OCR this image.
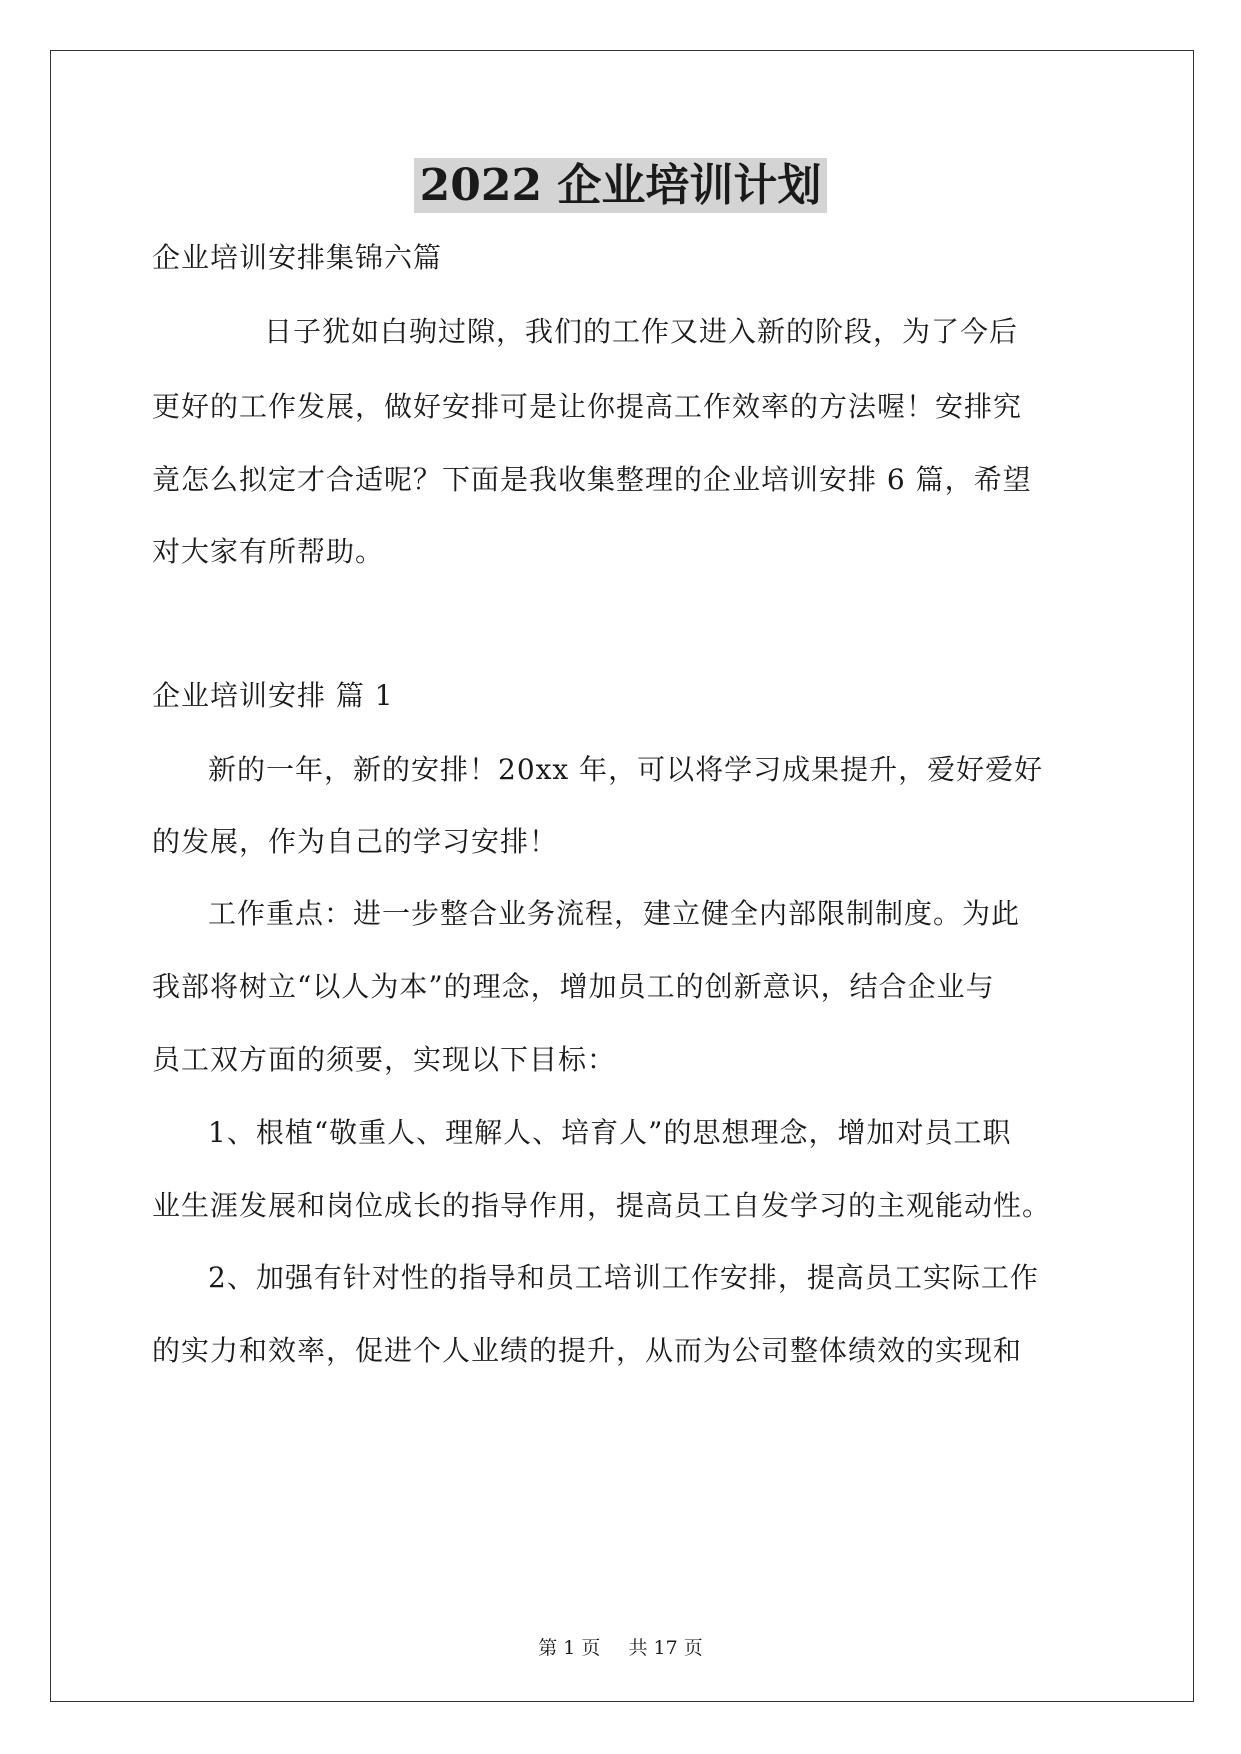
2022 企业培训计划
企业培训安排集锦六篇
日子犹如白驹过隙，我们的工作又进入新的阶段，为了今后
更好的工作发展，做好安排可是让你提高工作效率的方法喔！安排究
竟怎么拟定才合适呢？下面是我收集整理的企业培训安排 6 篇，希望
对大家有所帮助。
企业培训安排 篇 1
新的一年，新的安排！20xx 年，可以将学习成果提升，爱好爱好
的发展，作为自己的学习安排！
工作重点：进一步整合业务流程，建立健全内部限制制度。为此
我部将树立“以人为本”的理念，增加员工的创新意识，结合企业与
员工双方面的须要，实现以下目标：
1、根植“敬重人、理解人、培育人”的思想理念，增加对员工职
业生涯发展和岗位成长的指导作用，提高员工自发学习的主观能动性。
2、加强有针对性的指导和员工培训工作安排，提高员工实际工作
的实力和效率，促进个人业绩的提升，从而为公司整体绩效的实现和
第 1 页 共 17 页
